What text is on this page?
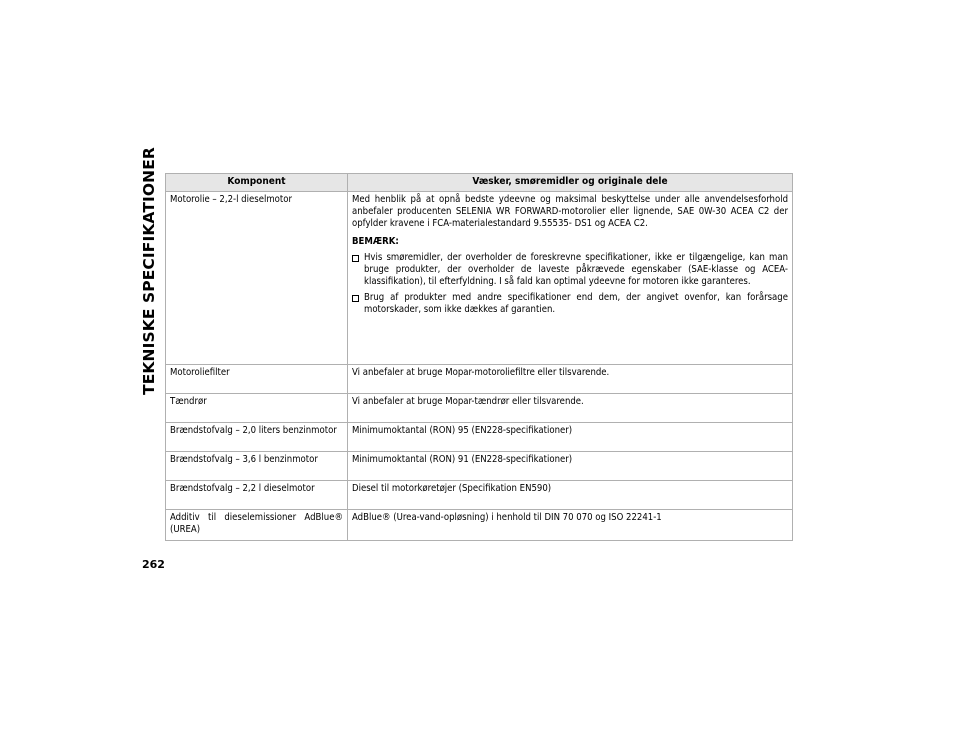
TEKNISKE SPECIFIKATIONER	Komponent	Væsker, smøremidler og originale dele
Motorolie – 2,2-l dieselmotor	Med henblik på at opnå bedste ydeevne og maksimal beskyttelse under alle anvendelsesforhold anbefaler producenten SELENIA WR FORWARD-motorolier eller lignende, SAE 0W-30 ACEA C2 der opfylder kravene i FCA-materialestandard 9.55535- DS1 og ACEA C2.

BEMÆRK:

Hvis smøremidler, der overholder de foreskrevne specifikationer, ikke er tilgængelige, kan man bruge produkter, der overholder de laveste påkrævede egenskaber (SAE-klasse og ACEA-klassifikation), til efterfyldning. I så fald kan optimal ydeevne for motoren ikke garanteres.
Brug af produkter med andre specifikationer end dem, der angivet ovenfor, kan forårsage motorskader, som ikke dækkes af garantien.

Motoroliefilter	Vi anbefaler at bruge Mopar-motoroliefiltre eller tilsvarende.
Tændrør	Vi anbefaler at bruge Mopar-tændrør eller tilsvarende.
Brændstofvalg – 2,0 liters benzinmotor	Minimumoktantal (RON) 95 (EN228-specifikationer)
Brændstofvalg – 3,6 l benzinmotor	Minimumoktantal (RON) 91 (EN228-specifikationer)
Brændstofvalg – 2,2 l dieselmotor	Diesel til motorkøretøjer (Specifikation EN590)
Additiv til dieselemissioner AdBlue® (UREA)	AdBlue® (Urea-vand-opløsning) i henhold til DIN 70 070 og ISO 22241-1
262
